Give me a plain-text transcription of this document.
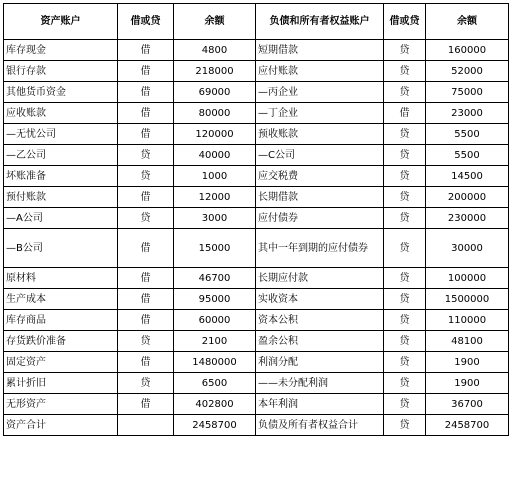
资产账户	借或贷	余额	负债和所有者权益账户	借或贷	余额
库存现金	借	4800	短期借款	贷	160000
银行存款	借	218000	应付账款	贷	52000
其他货币资金	借	69000	—丙企业	贷	75000
应收账款	借	80000	—丁企业	借	23000
—无忧公司	借	120000	预收账款	贷	5500
—乙公司	贷	40000	—C公司	贷	5500
坏账准备	贷	1000	应交税费	贷	14500
预付账款	借	12000	长期借款	贷	200000
—A公司	贷	3000	应付债券	贷	230000
—B公司	借	15000	其中一年到期的应付债券	贷	30000
原材料	借	46700	长期应付款	贷	100000
生产成本	借	95000	实收资本	贷	1500000
库存商品	借	60000	资本公积	贷	110000
存货跌价准备	贷	2100	盈余公积	贷	48100
固定资产	借	1480000	利润分配	贷	1900
累计折旧	贷	6500	——未分配利润	贷	1900
无形资产	借	402800	本年利润	贷	36700
资产合计		2458700	负债及所有者权益合计	贷	2458700
